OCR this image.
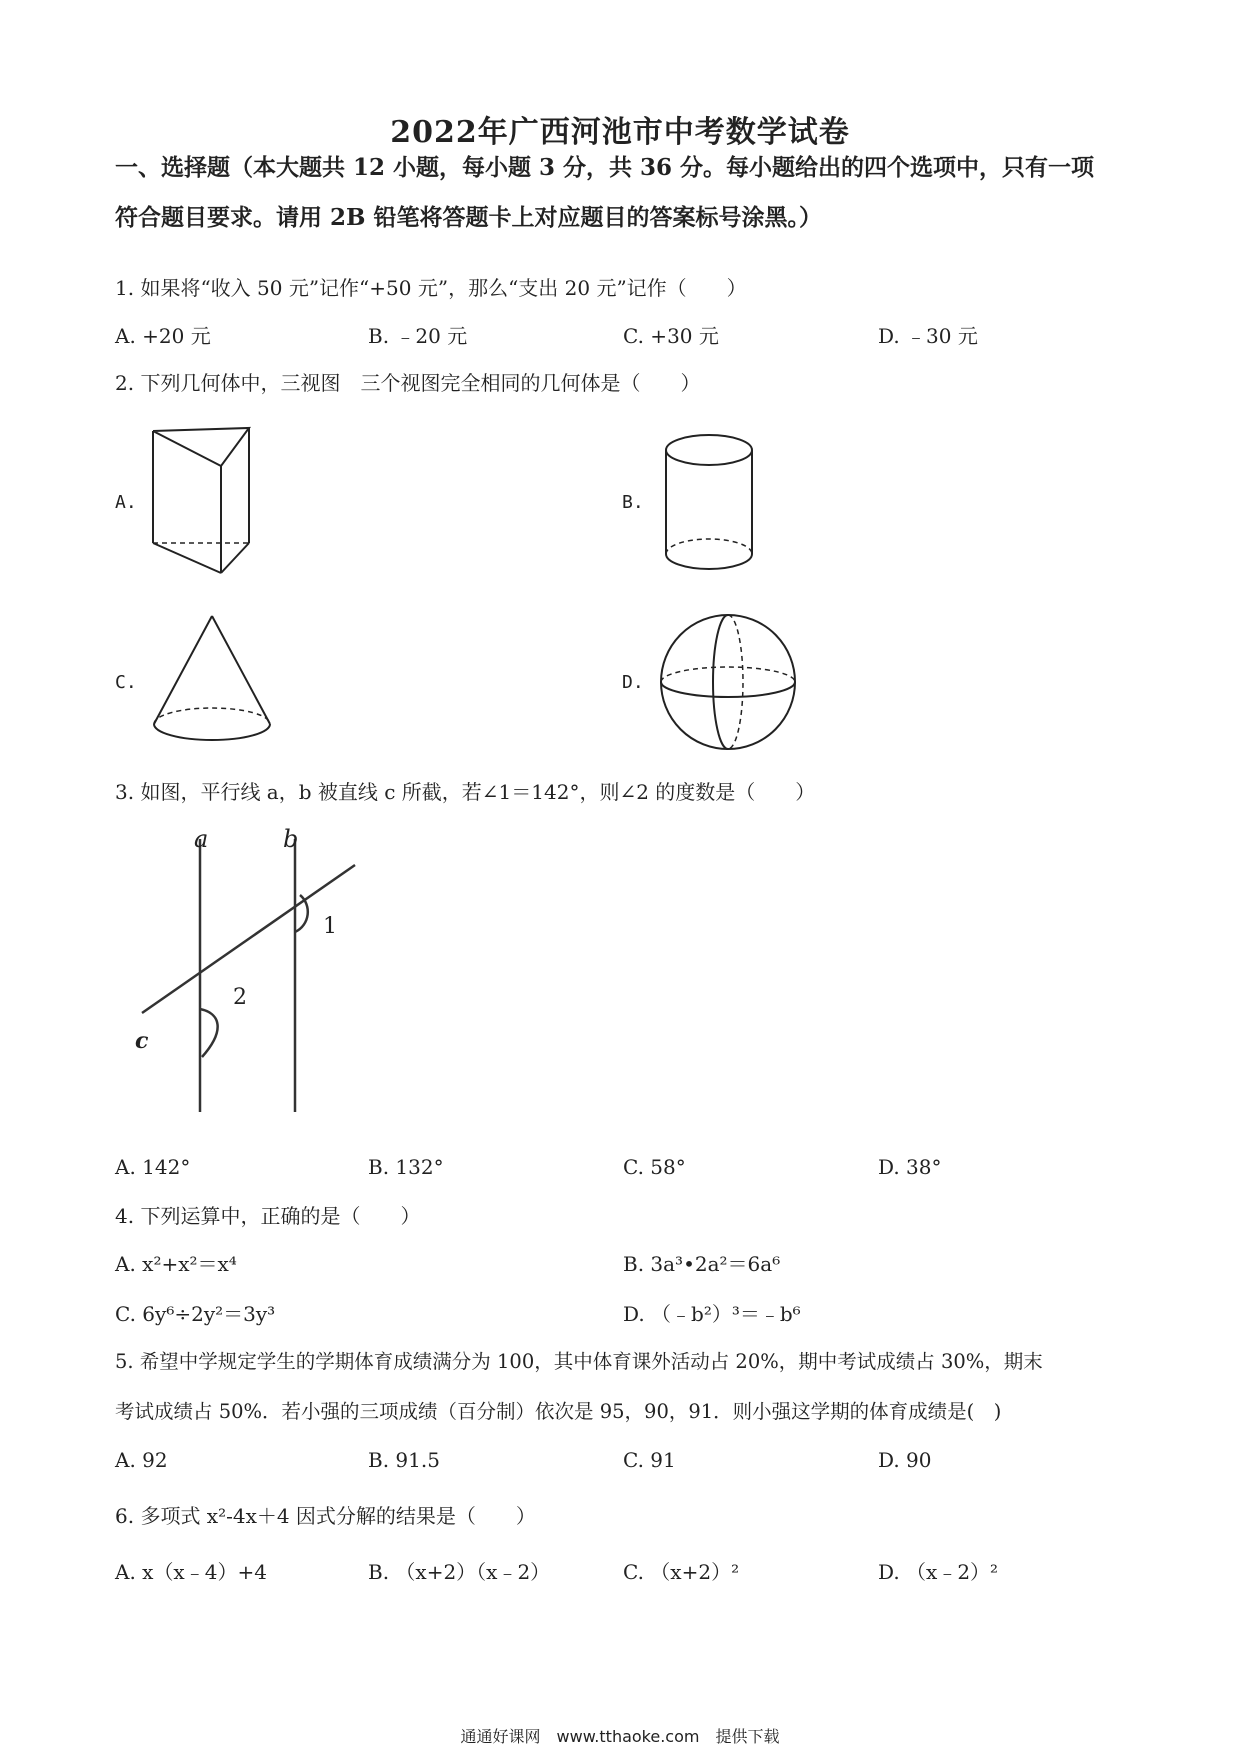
2022年广西河池市中考数学试卷
一、选择题（本大题共 12 小题，每小题 3 分，共 36 分。每小题给出的四个选项中，只有一项
符合题目要求。请用 2B 铅笔将答题卡上对应题目的答案标号涂黑。）
1. 如果将“收入 50 元”记作“+50 元”，那么“支出 20 元”记作（　　）
A. +20 元	B. ﹣20 元	C. +30 元	D. ﹣30 元
2. 下列几何体中，三视图　三个视图完全相同的几何体是（　　）
A.	B.
C.	D.
3. 如图，平行线 a，b 被直线 c 所截，若∠1＝142°，则∠2 的度数是（　　）
a	b
c
1
2
A. 142°	B. 132°	C. 58°	D. 38°
4. 下列运算中，正确的是（　　）
A. x²+x²＝x⁴	B. 3a³•2a²＝6a⁶
C. 6y⁶÷2y²＝3y³	D. （﹣b²）³＝﹣b⁶
5. 希望中学规定学生的学期体育成绩满分为 100，其中体育课外活动占 20%，期中考试成绩占 30%，期末
考试成绩占 50%．若小强的三项成绩（百分制）依次是 95，90，91．则小强这学期的体育成绩是(　)
A. 92	B. 91.5	C. 91	D. 90
6. 多项式 x²-4x＋4 因式分解的结果是（　　）
A. x（x﹣4）+4	B. （x+2）（x﹣2）	C. （x+2）²	D. （x﹣2）²
通通好课网　www.tthaoke.com　提供下载
